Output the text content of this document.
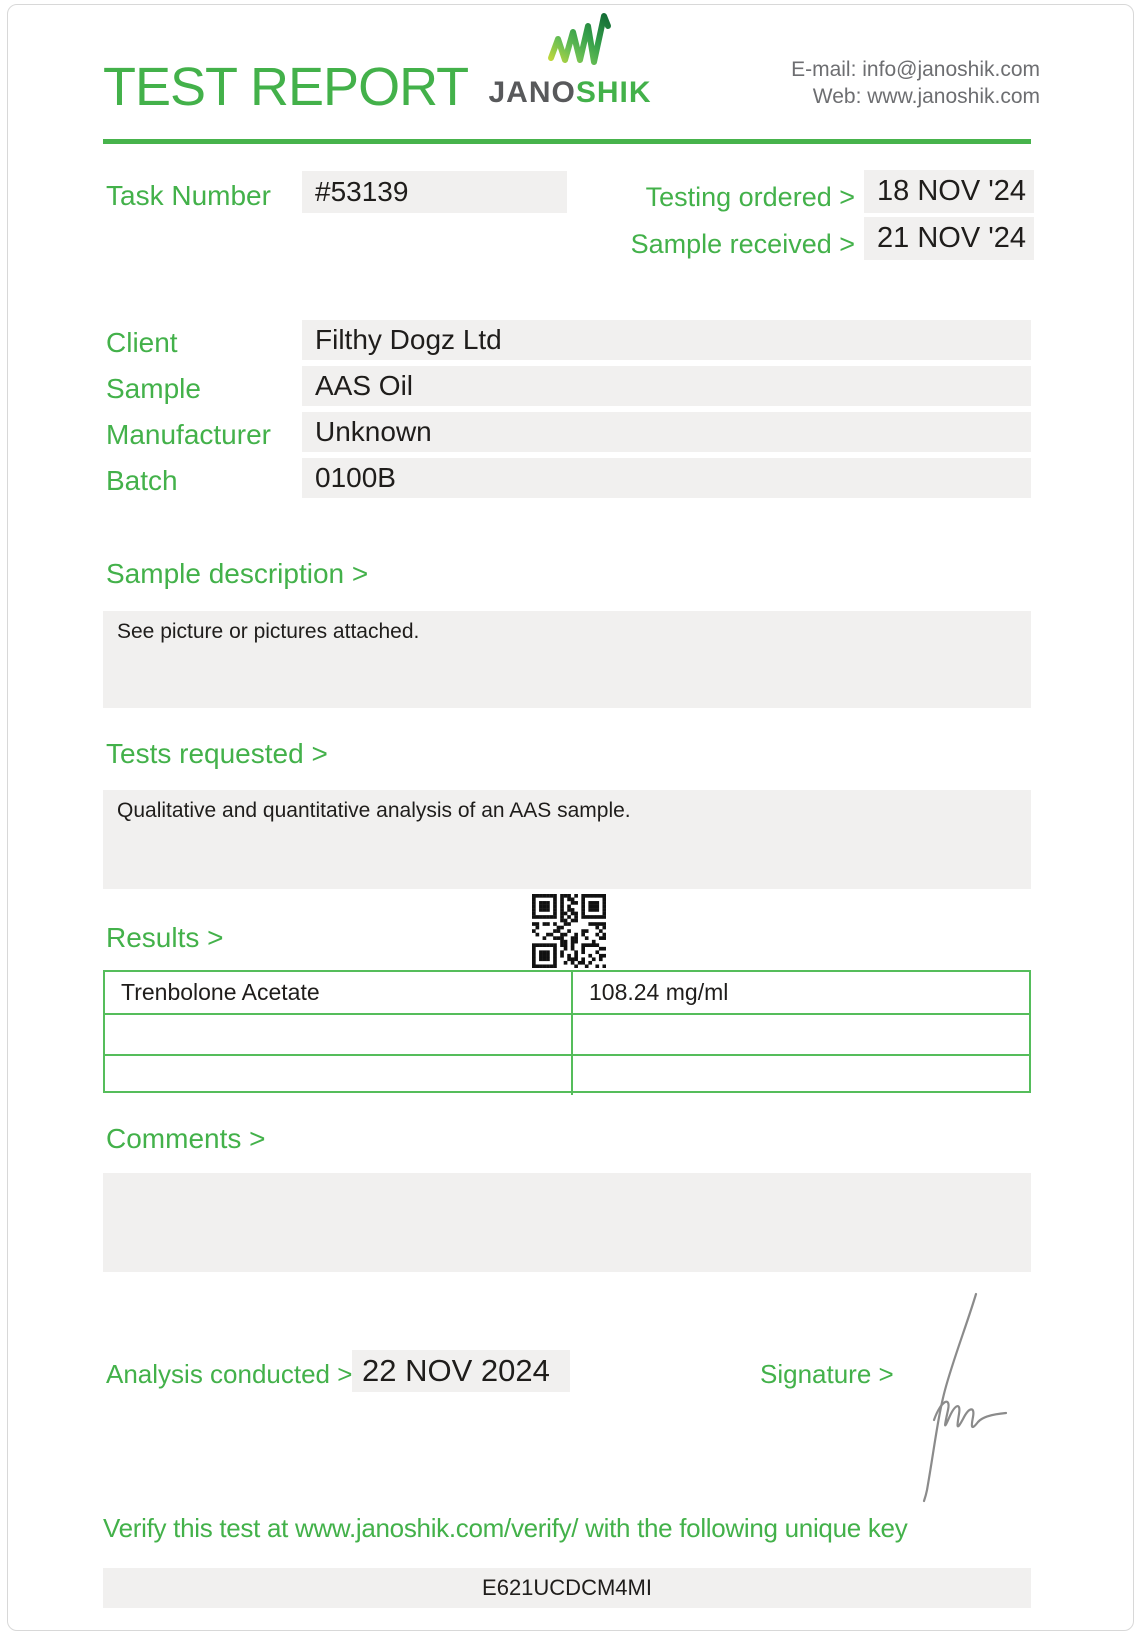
TEST REPORT JANOSHIK
E-mail: info@janoshik.com
Web: www.janoshik.com
Task Number	#53139	Testing ordered > 18 NOV '24
Sample received > 21 NOV '24
Client	Filthy Dogz Ltd
Sample	AAS Oil
Manufacturer	Unknown
Batch	0100B
Sample description >
See picture or pictures attached.
Tests requested >
Qualitative and quantitative analysis of an AAS sample.
Results >
Trenbolone Acetate	108.24 mg/ml
Comments >
Analysis conducted > 22 NOV 2024	Signature >
Verify this test at www.janoshik.com/verify/ with the following unique key
E621UCDCM4MI
